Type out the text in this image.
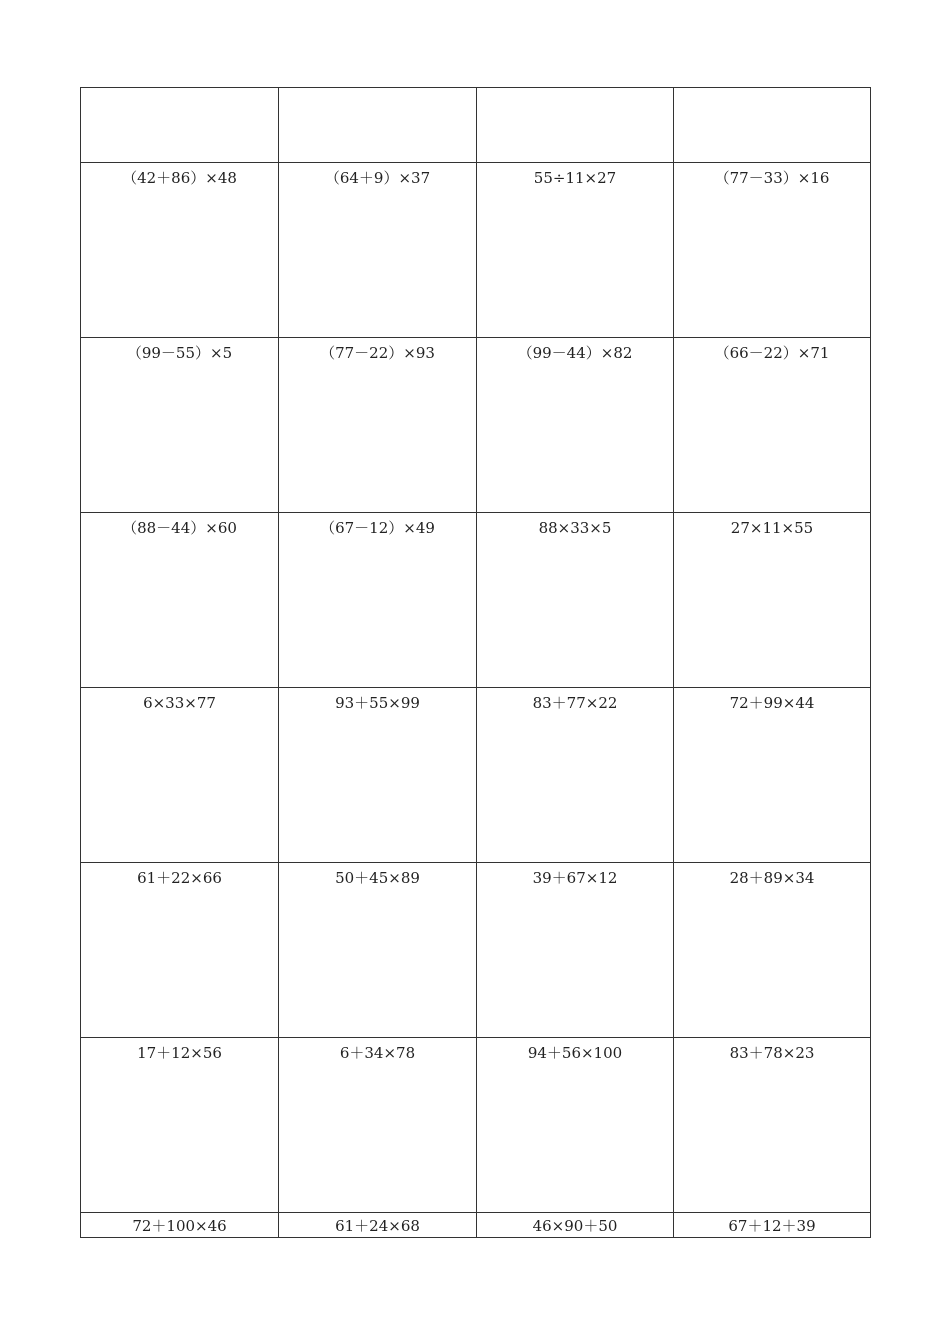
（42＋86）×48	（64＋9）×37	55÷11×27	（77－33）×16

（99－55）×5	（77－22）×93	（99－44）×82	（66－22）×71

（88－44）×60	（67－12）×49	88×33×5	27×11×55

6×33×77	93＋55×99	83＋77×22	72＋99×44

61＋22×66	50＋45×89	39＋67×12	28＋89×34

17＋12×56	6＋34×78	94＋56×100	83＋78×23

72＋100×46	61＋24×68	46×90＋50	67＋12＋39
